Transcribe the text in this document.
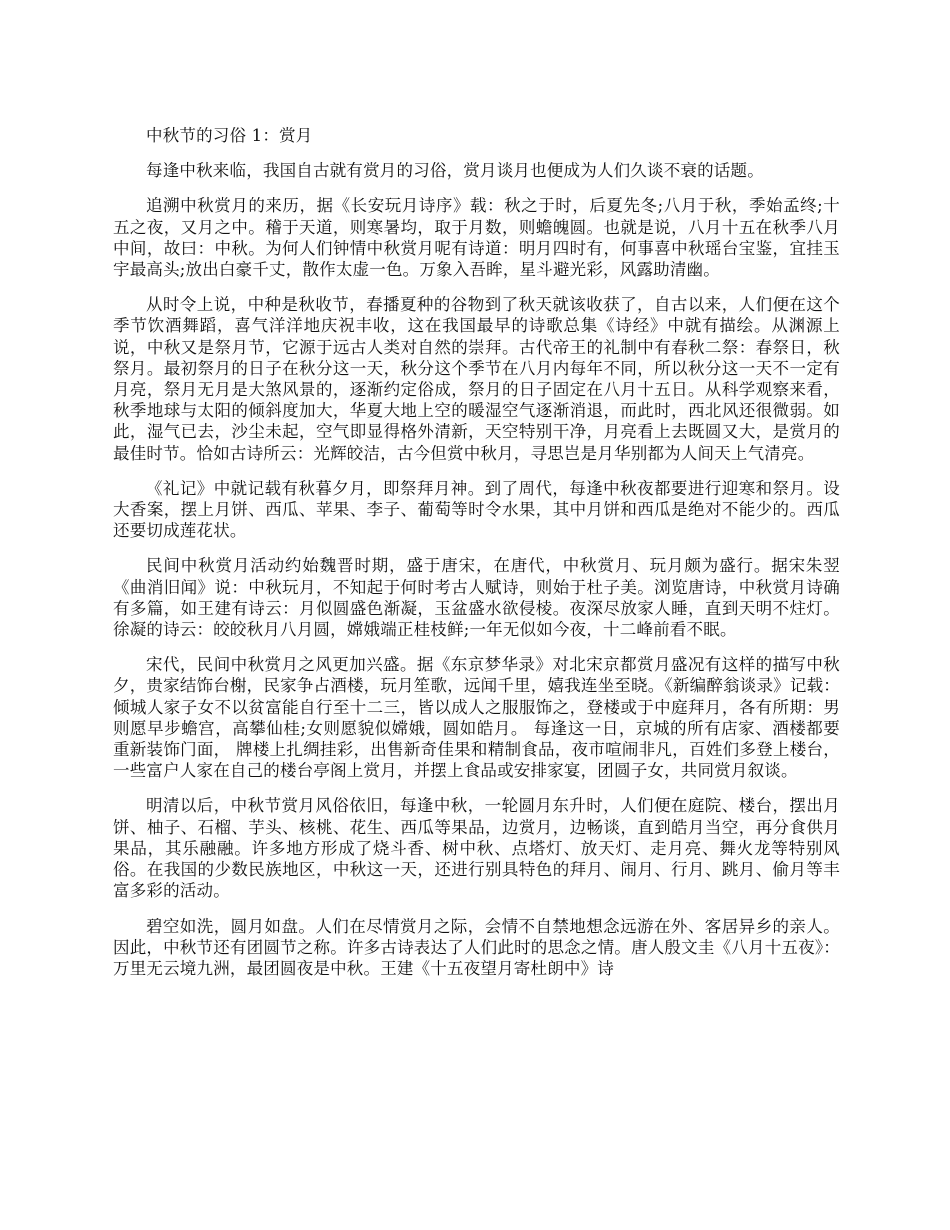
中秋节的习俗 1：赏月

每逢中秋来临，我国自古就有赏月的习俗，赏月谈月也便成为人们久谈不衰的话题。

追溯中秋赏月的来历，据《长安玩月诗序》载：秋之于时，后夏先冬;八月于秋，季始孟终;十五之夜，又月之中。稽于天道，则寒暑均，取于月数，则蟾魄圆。也就是说，八月十五在秋季八月中间，故曰：中秋。为何人们钟情中秋赏月呢有诗道：明月四时有，何事喜中秋瑶台宝鉴，宜挂玉宇最高头;放出白豪千丈，散作太虚一色。万象入吾眸，星斗避光彩，风露助清幽。

从时令上说，中种是秋收节，春播夏种的谷物到了秋天就该收获了，自古以来，人们便在这个季节饮酒舞蹈，喜气洋洋地庆祝丰收，这在我国最早的诗歌总集《诗经》中就有描绘。从渊源上说，中秋又是祭月节，它源于远古人类对自然的崇拜。古代帝王的礼制中有春秋二祭：春祭日，秋祭月。最初祭月的日子在秋分这一天，秋分这个季节在八月内每年不同，所以秋分这一天不一定有月亮，祭月无月是大煞风景的，逐渐约定俗成，祭月的日子固定在八月十五日。从科学观察来看，秋季地球与太阳的倾斜度加大，华夏大地上空的暖湿空气逐渐消退，而此时，西北风还很微弱。如此，湿气已去，沙尘未起，空气即显得格外清新，天空特别干净，月亮看上去既圆又大，是赏月的最佳时节。恰如古诗所云：光辉皎洁，古今但赏中秋月，寻思岂是月华别都为人间天上气清亮。

《礼记》中就记载有秋暮夕月，即祭拜月神。到了周代，每逢中秋夜都要进行迎寒和祭月。设大香案，摆上月饼、西瓜、苹果、李子、葡萄等时令水果，其中月饼和西瓜是绝对不能少的。西瓜还要切成莲花状。

民间中秋赏月活动约始魏晋时期，盛于唐宋，在唐代，中秋赏月、玩月颇为盛行。据宋朱翌《曲消旧闻》说：中秋玩月，不知起于何时考古人赋诗，则始于杜子美。浏览唐诗，中秋赏月诗确有多篇，如王建有诗云：月似圆盛色渐凝，玉盆盛水欲侵棱。夜深尽放家人睡，直到天明不炷灯。徐凝的诗云：皎皎秋月八月圆，嫦娥端正桂枝鲜;一年无似如今夜，十二峰前看不眠。

宋代，民间中秋赏月之风更加兴盛。据《东京梦华录》对北宋京都赏月盛况有这样的描写中秋夕，贵家结饰台榭，民家争占酒楼，玩月笙歌，远闻千里，嬉我连坐至晓。《新编醉翁谈录》记载：倾城人家子女不以贫富能自行至十二三，皆以成人之服服饰之，登楼或于中庭拜月，各有所期：男则愿早步蟾宫，高攀仙桂;女则愿貌似嫦娥，圆如皓月。 每逢这一日，京城的所有店家、酒楼都要重新装饰门面， 牌楼上扎绸挂彩，出售新奇佳果和精制食品，夜市喧闹非凡，百姓们多登上楼台，一些富户人家在自己的楼台亭阁上赏月，并摆上食品或安排家宴，团圆子女，共同赏月叙谈。

明清以后，中秋节赏月风俗依旧，每逢中秋，一轮圆月东升时，人们便在庭院、楼台，摆出月饼、柚子、石榴、芋头、核桃、花生、西瓜等果品，边赏月，边畅谈，直到皓月当空，再分食供月果品，其乐融融。许多地方形成了烧斗香、树中秋、点塔灯、放天灯、走月亮、舞火龙等特别风俗。在我国的少数民族地区，中秋这一天，还进行别具特色的拜月、闹月、行月、跳月、偷月等丰富多彩的活动。

碧空如洗，圆月如盘。人们在尽情赏月之际，会情不自禁地想念远游在外、客居异乡的亲人。因此，中秋节还有团圆节之称。许多古诗表达了人们此时的思念之情。唐人殷文圭《八月十五夜》：万里无云境九洲，最团圆夜是中秋。王建《十五夜望月寄杜朗中》诗
